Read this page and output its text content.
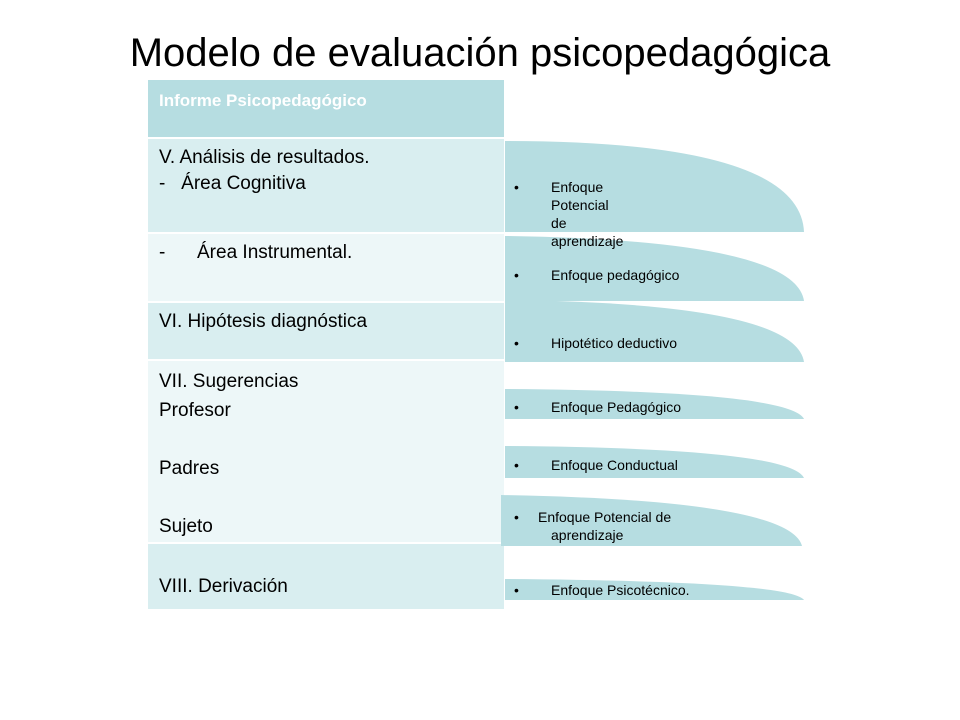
Modelo de evaluación psicopedagógica
Informe Psicopedagógico
V. Análisis de resultados.
-   Área Cognitiva
-      Área Instrumental.
VI. Hipótesis diagnóstica
VII. Sugerencias
Profesor
Padres
Sujeto
VIII. Derivación
• Enfoque Potencial de
aprendizaje
• Enfoque pedagógico
• Hipotético deductivo
• Enfoque Pedagógico
• Enfoque Conductual
• Enfoque Potencial de
aprendizaje
• Enfoque Psicotécnico.
